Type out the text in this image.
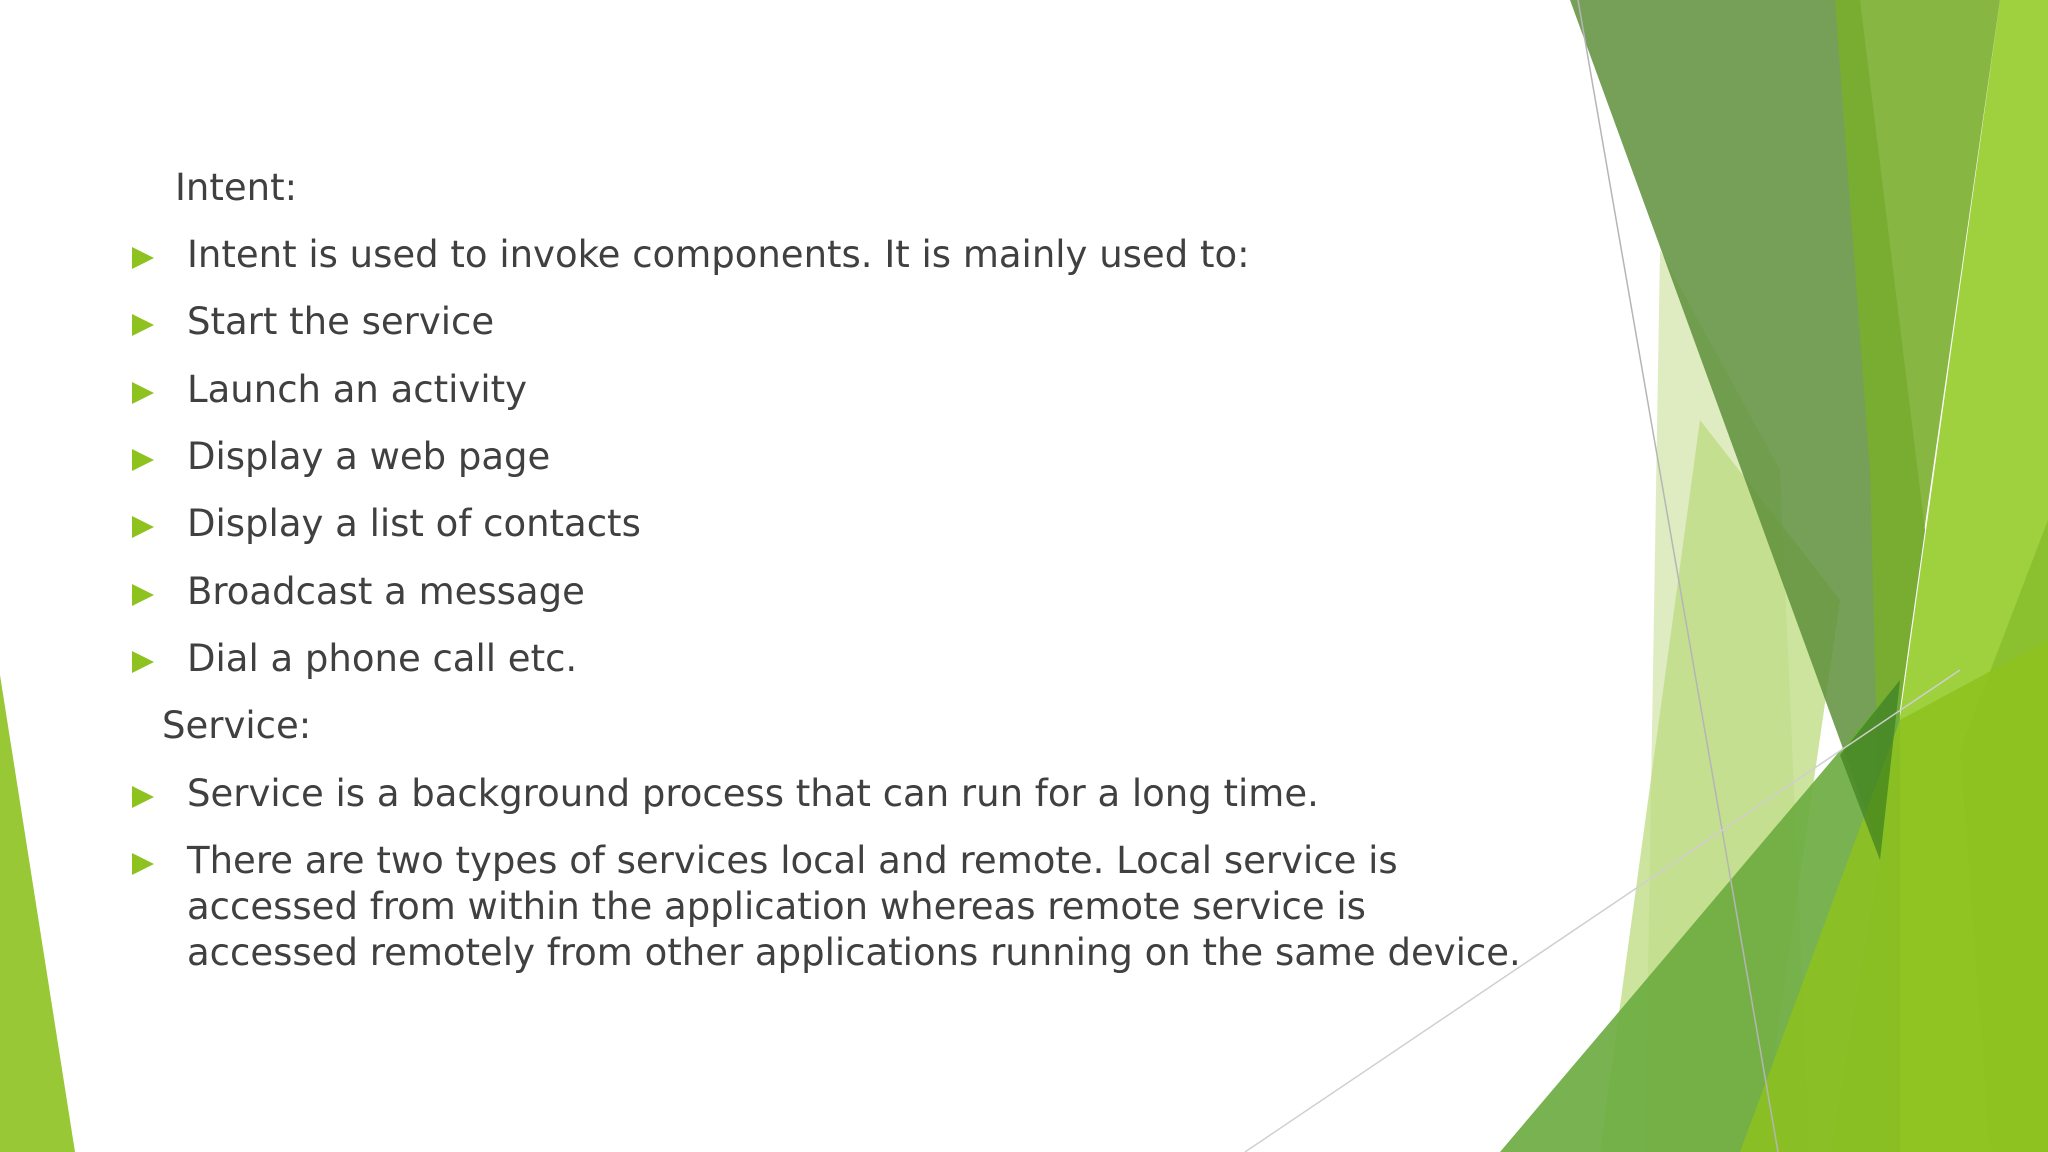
Intent:

Intent is used to invoke components. It is mainly used to:

Start the service

Launch an activity

Display a web page

Display a list of contacts

Broadcast a message

Dial a phone call etc.

Service:

Service is a background process that can run for a long time.

There are two types of services local and remote. Local service is accessed from within the application whereas remote service is accessed remotely from other applications running on the same device.
